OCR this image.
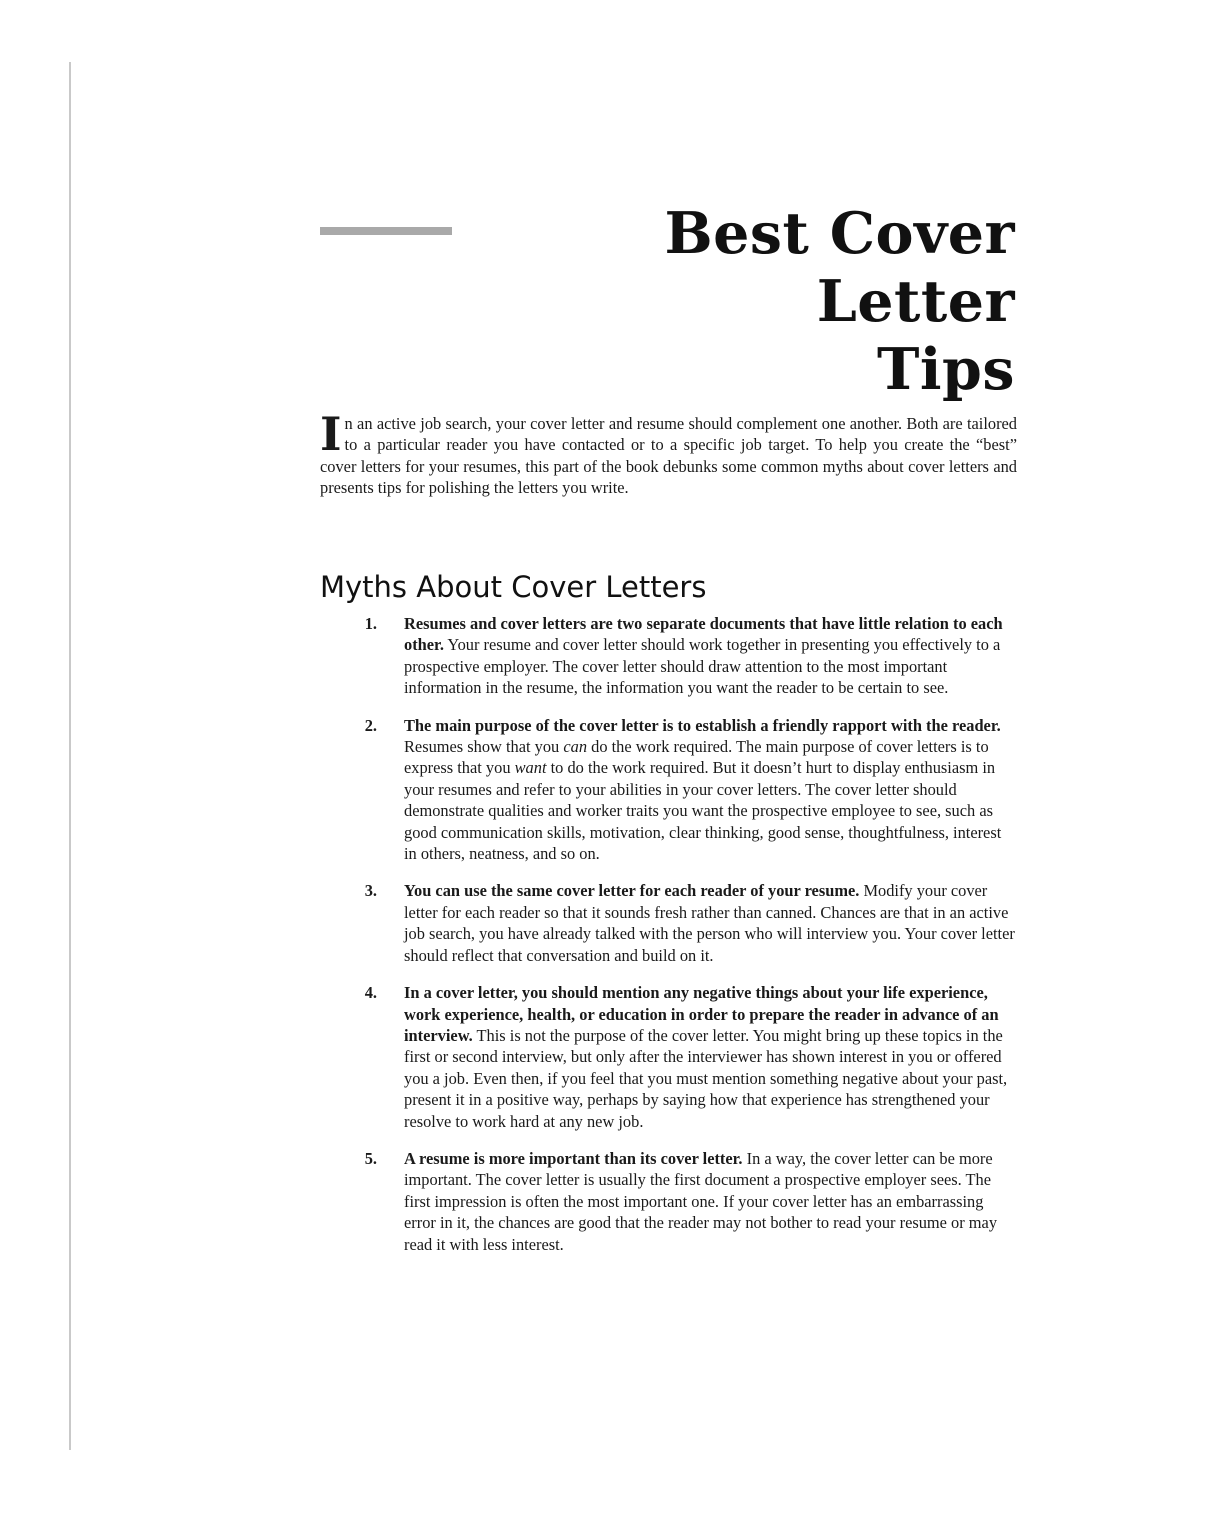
Best Cover Letter
Tips

In an active job search, your cover letter and resume should complement one another. Both are tailored to a particular reader you have contacted or to a specific job target. To help you create the “best” cover letters for your resumes, this part of the book debunks some common myths about cover letters and presents tips for polishing the letters you write.

Myths About Cover Letters
1. Resumes and cover letters are two separate documents that have little relation to each other. Your resume and cover letter should work together in presenting you effectively to a prospective employer. The cover letter should draw attention to the most important information in the resume, the information you want the reader to be certain to see.
2. The main purpose of the cover letter is to establish a friendly rapport with the reader. Resumes show that you can do the work required. The main purpose of cover letters is to express that you want to do the work required. But it doesn’t hurt to display enthusiasm in your resumes and refer to your abilities in your cover letters. The cover letter should demonstrate qualities and worker traits you want the prospective employee to see, such as good communication skills, motivation, clear thinking, good sense, thoughtfulness, interest in others, neatness, and so on.
3. You can use the same cover letter for each reader of your resume. Modify your cover letter for each reader so that it sounds fresh rather than canned. Chances are that in an active job search, you have already talked with the person who will interview you. Your cover letter should reflect that conversation and build on it.
4. In a cover letter, you should mention any negative things about your life experience, work experience, health, or education in order to prepare the reader in advance of an interview. This is not the purpose of the cover letter. You might bring up these topics in the first or second interview, but only after the interviewer has shown interest in you or offered you a job. Even then, if you feel that you must mention something negative about your past, present it in a positive way, perhaps by saying how that experience has strengthened your resolve to work hard at any new job.
5. A resume is more important than its cover letter. In a way, the cover letter can be more important. The cover letter is usually the first document a prospective employer sees. The first impression is often the most important one. If your cover letter has an embarrassing error in it, the chances are good that the reader may not bother to read your resume or may read it with less interest.
